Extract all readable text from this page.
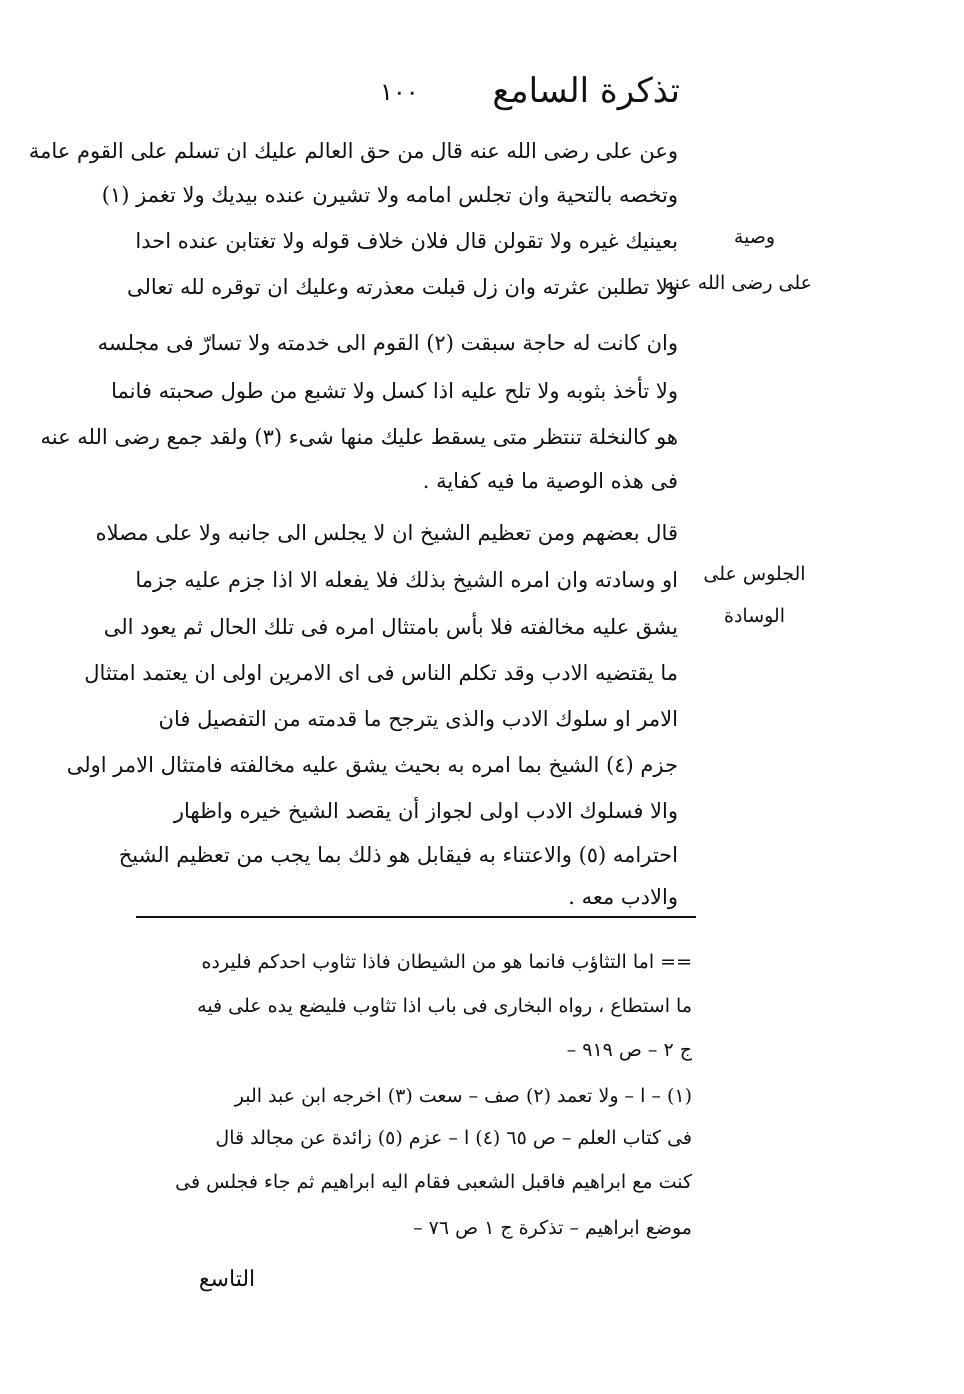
تذكرة السامع
١٠٠
وصية
على رضى الله عنه
الجلوس على
الوسادة
وعن على رضى الله عنه قال من حق العالم عليك ان تسلم على القوم عامة
وتخصه بالتحية وان تجلس امامه ولا تشيرن عنده بيديك ولا تغمز (١)
بعينيك غيره ولا تقولن قال فلان خلاف قوله ولا تغتابن عنده احدا
ولا تطلبن عثرته وان زل قبلت معذرته وعليك ان توقره لله تعالى
وان كانت له حاجة سبقت (٢) القوم الى خدمته ولا تسارّ فى مجلسه
ولا تأخذ بثوبه ولا تلح عليه اذا كسل ولا تشبع من طول صحبته فانما
هو كالنخلة تنتظر متى يسقط عليك منها شىء (٣) ولقد جمع رضى الله عنه
فى هذه الوصية ما فيه كفاية .
قال بعضهم ومن تعظيم الشيخ ان لا يجلس الى جانبه ولا على مصلاه
او وسادته وان امره الشيخ بذلك فلا يفعله الا اذا جزم عليه جزما
يشق عليه مخالفته فلا بأس بامتثال امره فى تلك الحال ثم يعود الى
ما يقتضيه الادب وقد تكلم الناس فى اى الامرين اولى ان يعتمد امتثال
الامر او سلوك الادب والذى يترجح ما قدمته من التفصيل فان
جزم (٤) الشيخ بما امره به بحيث يشق عليه مخالفته فامتثال الامر اولى
والا فسلوك الادب اولى لجواز أن يقصد الشيخ خيره واظهار
احترامه (٥) والاعتناء به فيقابل هو ذلك بما يجب من تعظيم الشيخ
والادب معه .
== اما التثاؤب فانما هو من الشيطان فاذا تثاوب احدكم فليرده
ما استطاع ، رواه البخارى فى باب اذا تثاوب فليضع يده على فيه
ج ٢ – ص ٩١٩ –
(١) – ا – ولا تعمد (٢) صف – سعت (٣) اخرجه ابن عبد البر
فى كتاب العلم – ص ٦٥ (٤) ا – عزم (٥) زائدة عن مجالد قال
كنت مع ابراهيم فاقبل الشعبى فقام اليه ابراهيم ثم جاء فجلس فى
موضع ابراهيم – تذكرة ج ١ ص ٧٦ –
التاسع
